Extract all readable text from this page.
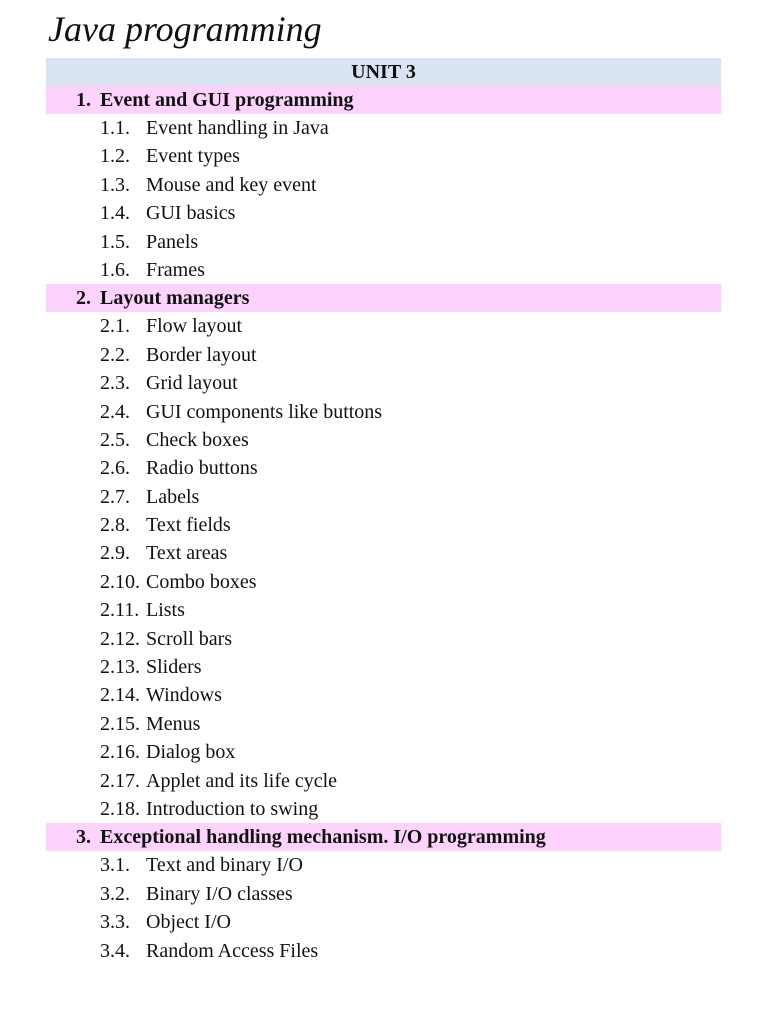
Java programming
UNIT 3
1. Event and GUI programming
1.1. Event handling in Java
1.2. Event types
1.3. Mouse and key event
1.4. GUI basics
1.5. Panels
1.6. Frames
2. Layout managers
2.1. Flow layout
2.2. Border layout
2.3. Grid layout
2.4. GUI components like buttons
2.5. Check boxes
2.6. Radio buttons
2.7. Labels
2.8. Text fields
2.9. Text areas
2.10. Combo boxes
2.11. Lists
2.12. Scroll bars
2.13. Sliders
2.14. Windows
2.15. Menus
2.16. Dialog box
2.17. Applet and its life cycle
2.18. Introduction to swing
3. Exceptional handling mechanism. I/O programming
3.1. Text and binary I/O
3.2. Binary I/O classes
3.3. Object I/O
3.4. Random Access Files
